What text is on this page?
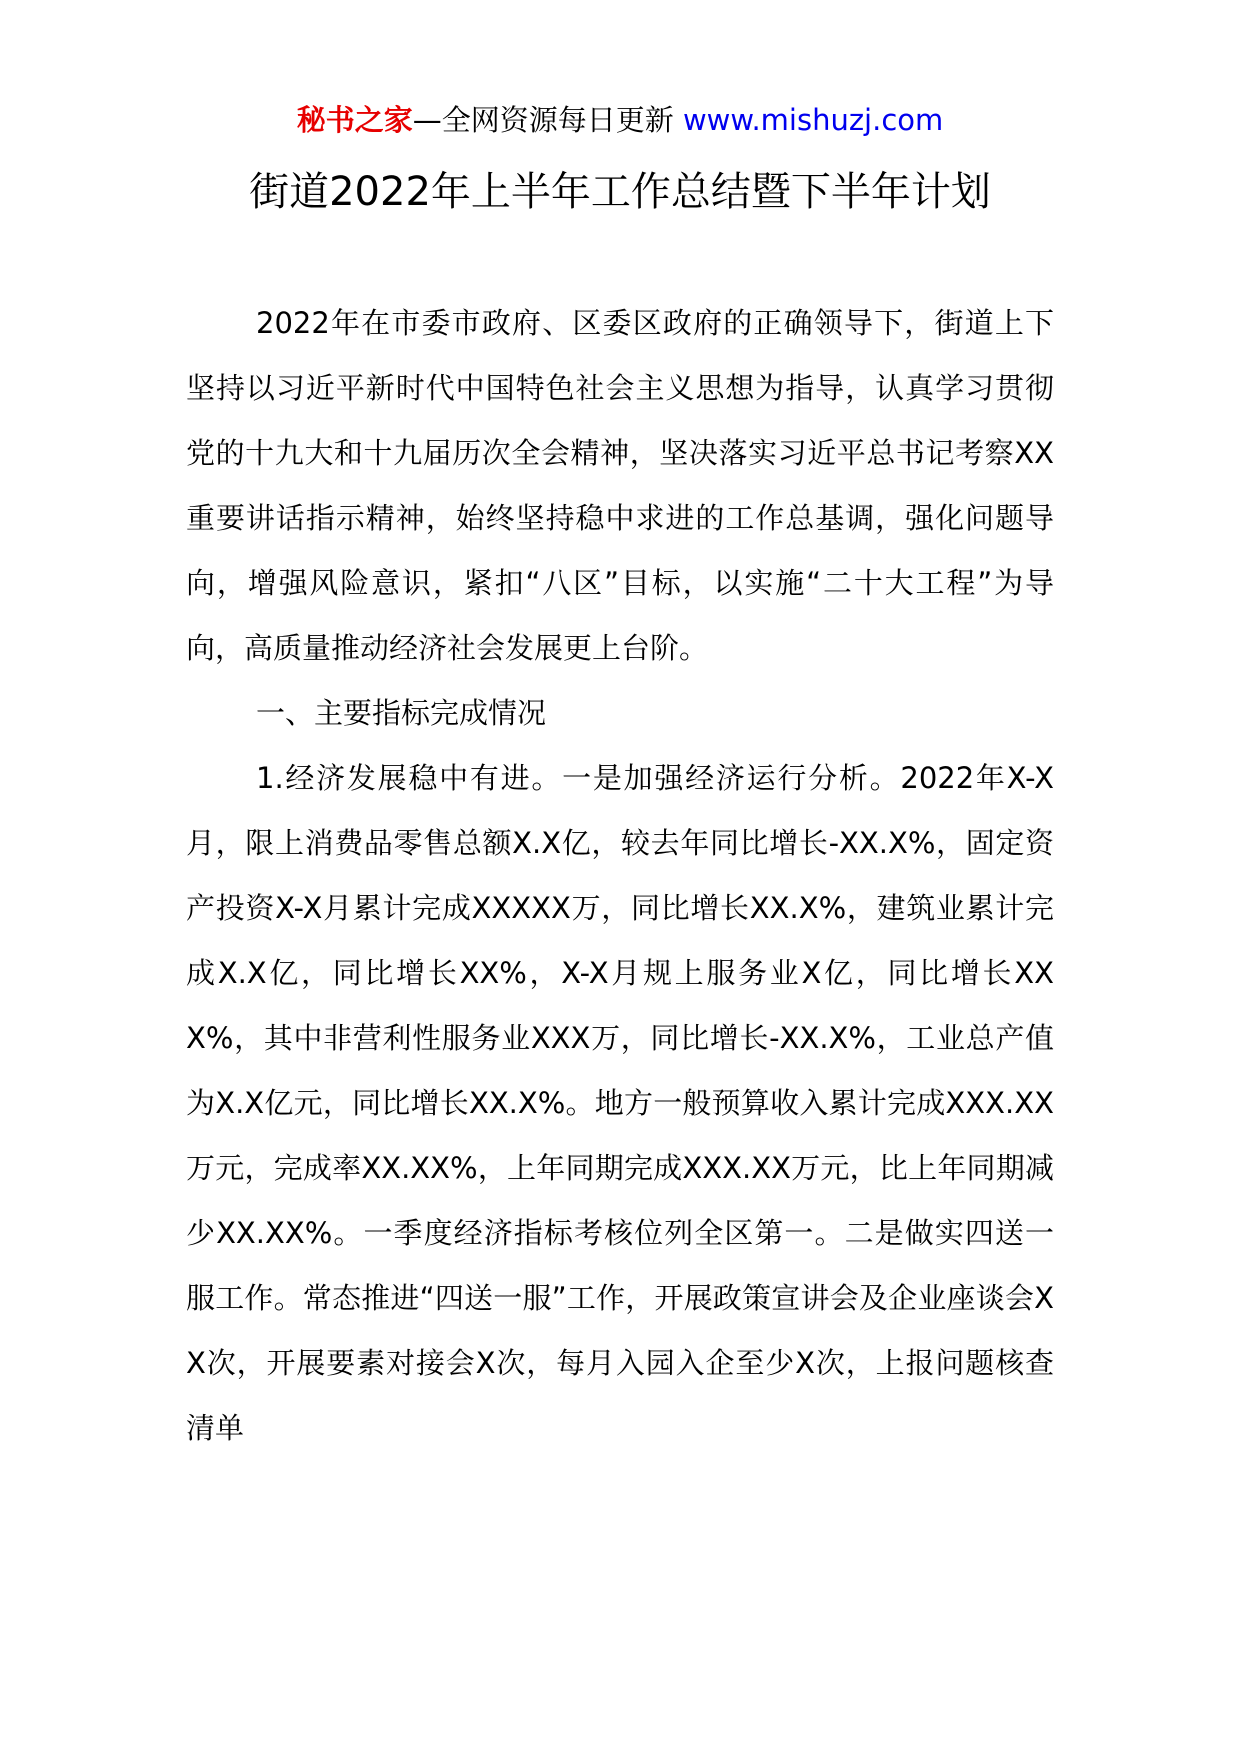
秘书之家—全网资源每日更新 www.mishuzj.com
街道2022年上半年工作总结暨下半年计划

2022年在市委市政府、区委区政府的正确领导下，街道上下坚持以习近平新时代中国特色社会主义思想为指导，认真学习贯彻党的十九大和十九届历次全会精神，坚决落实习近平总书记考察XX重要讲话指示精神，始终坚持稳中求进的工作总基调，强化问题导向，增强风险意识，紧扣“八区”目标，以实施“二十大工程”为导向，高质量推动经济社会发展更上台阶。

一、主要指标完成情况

1.经济发展稳中有进。一是加强经济运行分析。2022年X-X月，限上消费品零售总额X.X亿，较去年同比增长-XX.X%，固定资产投资X-X月累计完成XXXXX万，同比增长XX.X%，建筑业累计完成X.X亿，同比增长XX%，X-X月规上服务业X亿，同比增长XXX%，其中非营利性服务业XXX万，同比增长-XX.X%，工业总产值为X.X亿元，同比增长XX.X%。地方一般预算收入累计完成XXX.XX万元，完成率XX.XX%，上年同期完成XXX.XX万元，比上年同期减少XX.XX%。一季度经济指标考核位列全区第一。二是做实四送一服工作。常态推进“四送一服”工作，开展政策宣讲会及企业座谈会XX次，开展要素对接会X次，每月入园入企至少X次，上报问题核查清单
